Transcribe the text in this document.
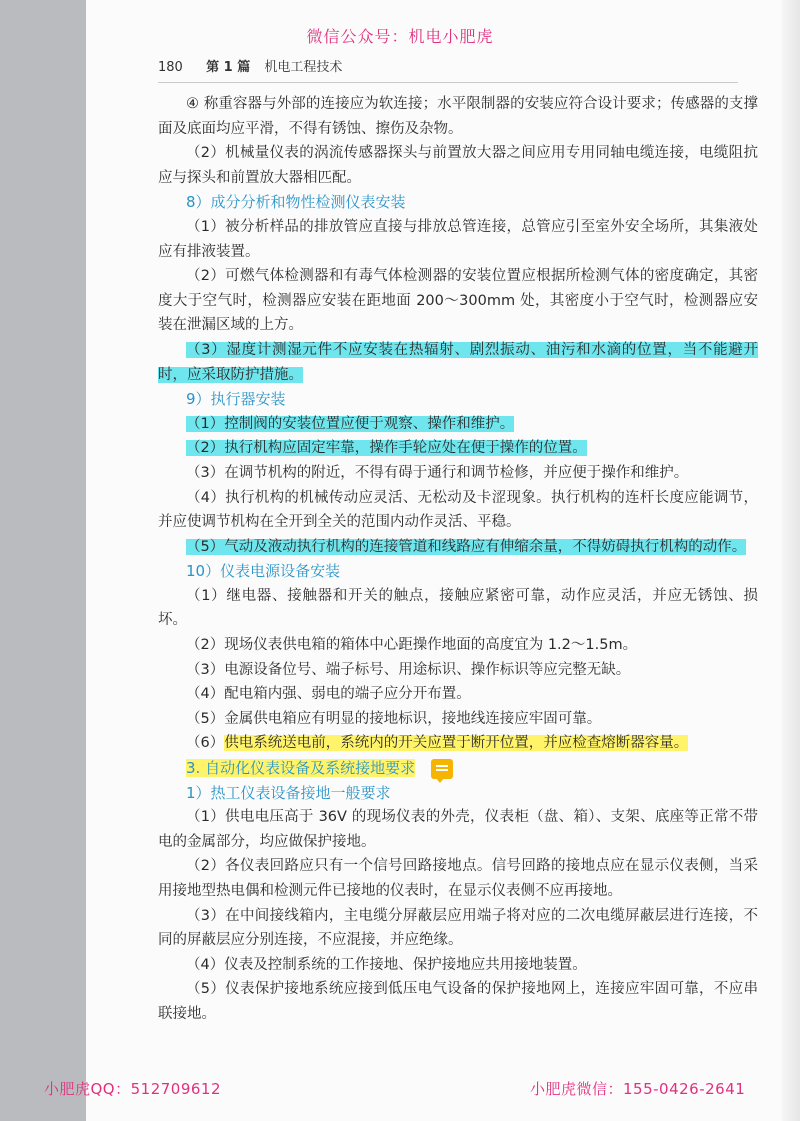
微信公众号：机电小肥虎
180 第 1 篇 机电工程技术
④ 称重容器与外部的连接应为软连接；水平限制器的安装应符合设计要求；传感器的支撑面及底面均应平滑，不得有锈蚀、擦伤及杂物。
（2）机械量仪表的涡流传感器探头与前置放大器之间应用专用同轴电缆连接，电缆阻抗应与探头和前置放大器相匹配。
8）成分分析和物性检测仪表安装
（1）被分析样品的排放管应直接与排放总管连接，总管应引至室外安全场所，其集液处应有排液装置。
（2）可燃气体检测器和有毒气体检测器的安装位置应根据所检测气体的密度确定，其密度大于空气时，检测器应安装在距地面 200～300mm 处，其密度小于空气时，检测器应安装在泄漏区域的上方。
（3）湿度计测湿元件不应安装在热辐射、剧烈振动、油污和水滴的位置，当不能避开时，应采取防护措施。
9）执行器安装
（1）控制阀的安装位置应便于观察、操作和维护。
（2）执行机构应固定牢靠，操作手轮应处在便于操作的位置。
（3）在调节机构的附近，不得有碍于通行和调节检修，并应便于操作和维护。
（4）执行机构的机械传动应灵活、无松动及卡涩现象。执行机构的连杆长度应能调节，并应使调节机构在全开到全关的范围内动作灵活、平稳。
（5）气动及液动执行机构的连接管道和线路应有伸缩余量，不得妨碍执行机构的动作。
10）仪表电源设备安装
（1）继电器、接触器和开关的触点，接触应紧密可靠，动作应灵活，并应无锈蚀、损坏。
（2）现场仪表供电箱的箱体中心距操作地面的高度宜为 1.2～1.5m。
（3）电源设备位号、端子标号、用途标识、操作标识等应完整无缺。
（4）配电箱内强、弱电的端子应分开布置。
（5）金属供电箱应有明显的接地标识，接地线连接应牢固可靠。
（6）供电系统送电前，系统内的开关应置于断开位置，并应检查熔断器容量。
3. 自动化仪表设备及系统接地要求
1）热工仪表设备接地一般要求
（1）供电电压高于 36V 的现场仪表的外壳，仪表柜（盘、箱）、支架、底座等正常不带电的金属部分，均应做保护接地。
（2）各仪表回路应只有一个信号回路接地点。信号回路的接地点应在显示仪表侧，当采用接地型热电偶和检测元件已接地的仪表时，在显示仪表侧不应再接地。
（3）在中间接线箱内，主电缆分屏蔽层应用端子将对应的二次电缆屏蔽层进行连接，不同的屏蔽层应分别连接，不应混接，并应绝缘。
（4）仪表及控制系统的工作接地、保护接地应共用接地装置。
（5）仪表保护接地系统应接到低压电气设备的保护接地网上，连接应牢固可靠，不应串联接地。
小肥虎QQ：512709612	小肥虎微信：155-0426-2641
